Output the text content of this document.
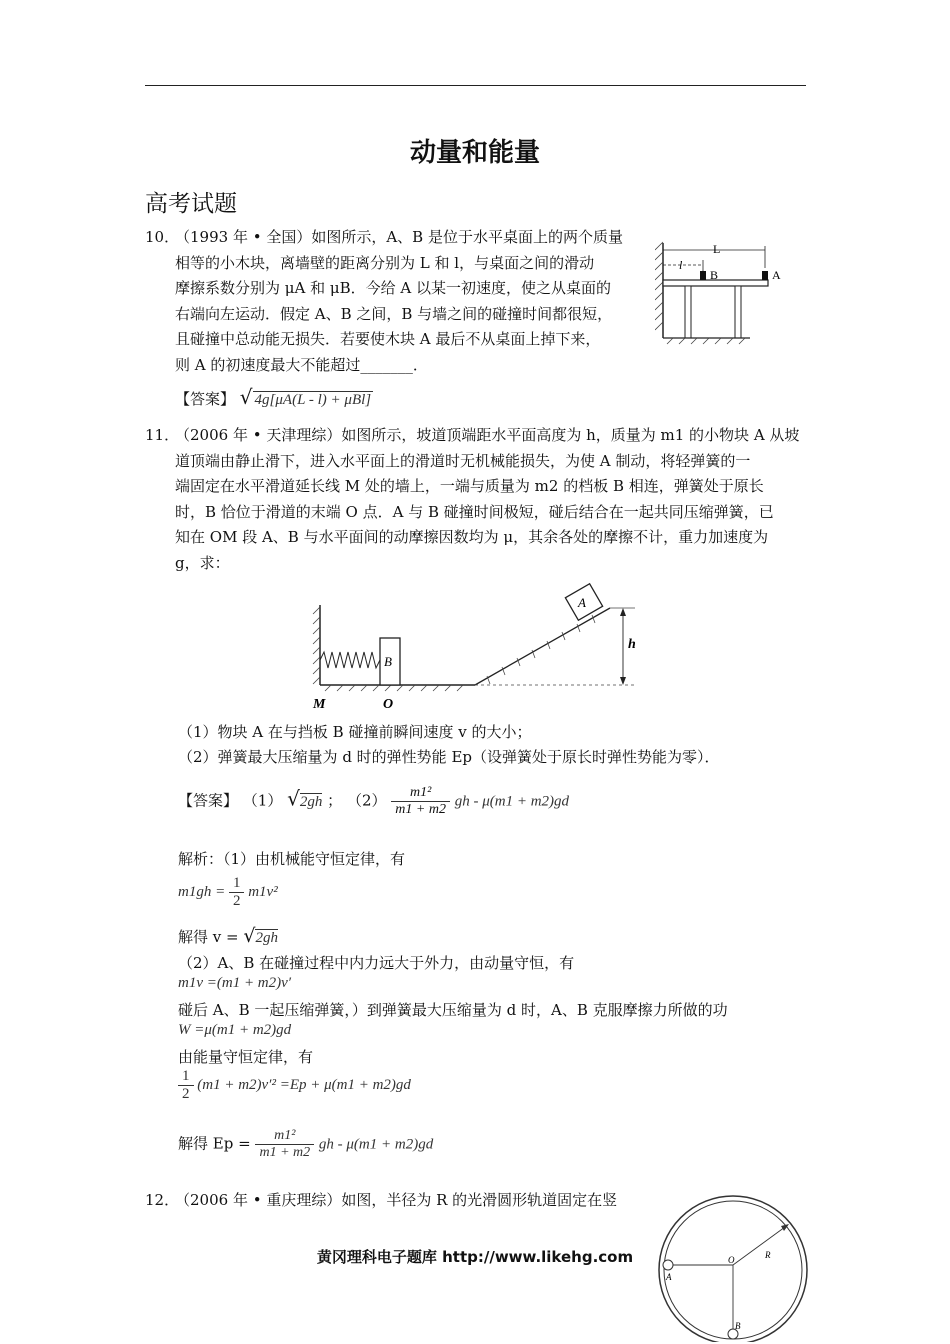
动量和能量
高考试题
10．
（1993 年 • 全国）如图所示，A、B 是位于水平桌面上的两个质量
相等的小木块，离墙壁的距离分别为 L 和 l，与桌面之间的滑动
摩擦系数分别为 μA 和 μB．今给 A 以某一初速度，使之从桌面的
右端向左运动．假定 A、B 之间，B 与墙之间的碰撞时间都很短，
且碰撞中总动能无损失．若要使木块 A 最后不从桌面上掉下来，
则 A 的初速度最大不能超过_______．
L
l
B	A
【答案】 √ 4g[μA(L - l) + μBl]
11．
（2006 年 • 天津理综）如图所示，坡道顶端距水平面高度为 h，质量为 m1 的小物块 A 从坡
道顶端由静止滑下，进入水平面上的滑道时无机械能损失，为使 A 制动，将轻弹簧的一
端固定在水平滑道延长线 M 处的墙上，一端与质量为 m2 的档板 B 相连，弹簧处于原长
时，B 恰位于滑道的末端 O 点．A 与 B 碰撞时间极短，碰后结合在一起共同压缩弹簧，已
知在 OM 段 A、B 与水平面间的动摩擦因数均为 μ，其余各处的摩擦不计，重力加速度为
g，求：
B
A
h
M	O
（1）物块 A 在与挡板 B 碰撞前瞬间速度 v 的大小；
（2）弹簧最大压缩量为 d 时的弹性势能 Ep（设弹簧处于原长时弹性势能为零）．
【答案】 （1） √2gh ； $(2) \frac{\text{m1²}}{m1 + m2}$ gh - μ(m1 + m2)gd
解析：（1）由机械能守恒定律，有
$m1gh = \frac{1}{2} m1v^2$
解得 v = √2gh
（2）A、B 在碰撞过程中内力远大于外力，由动量守恒，有
m1v =(m1 + m2)v′
碰后 A、B 一起压缩弹簧，）到弹簧最大压缩量为 d 时，A、B 克服摩擦力所做的功
W =μ(m1 + m2)gd
由能量守恒定律，有
$\frac{1}{2} (m1 + m2)v'^2 =Ep + \mu(m1 + m2)gd$
解得 $Ep = \frac{\text{m1²}}{m1 + m2}$ gh - μ(m1 + m2)gd
12．
（2006 年 • 重庆理综）如图，半径为 R 的光滑圆形轨道固定在竖
O	R
A
B
黄冈理科电子题库 http://www.likehg.com
